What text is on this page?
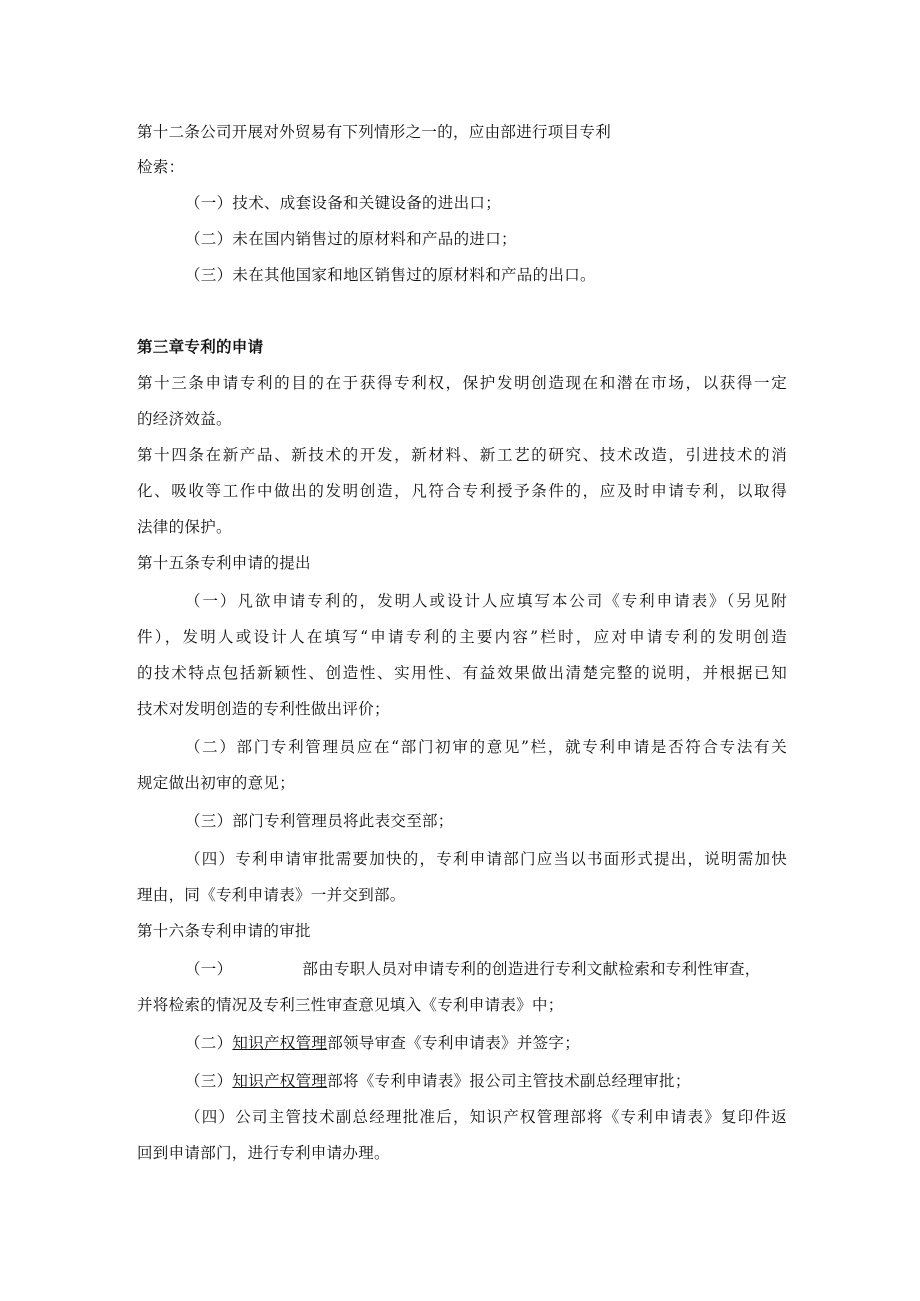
第十二条公司开展对外贸易有下列情形之一的，应由部进行项目专利
检索：
（一）技术、成套设备和关键设备的进出口；
（二）未在国内销售过的原材料和产品的进口；
（三）未在其他国家和地区销售过的原材料和产品的出口。
第三章专利的申请
第十三条申请专利的目的在于获得专利权，保护发明创造现在和潜在市场，以获得一定
的经济效益。
第十四条在新产品、新技术的开发，新材料、新工艺的研究、技术改造，引进技术的消
化、吸收等工作中做出的发明创造，凡符合专利授予条件的，应及时申请专利，以取得
法律的保护。
第十五条专利申请的提出
（一）凡欲申请专利的，发明人或设计人应填写本公司《专利申请表》（另见附
件），发明人或设计人在填写“申请专利的主要内容”栏时，应对申请专利的发明创造
的技术特点包括新颖性、创造性、实用性、有益效果做出清楚完整的说明，并根据已知
技术对发明创造的专利性做出评价；
（二）部门专利管理员应在“部门初审的意见”栏，就专利申请是否符合专法有关
规定做出初审的意见；
（三）部门专利管理员将此表交至部；
（四）专利申请审批需要加快的，专利申请部门应当以书面形式提出，说明需加快
理由，同《专利申请表》一并交到部。
第十六条专利申请的审批
（一）	部由专职人员对申请专利的创造进行专利文献检索和专利性审查，
并将检索的情况及专利三性审查意见填入《专利申请表》中；
（二）知识产权管理部领导审查《专利申请表》并签字；
（三）知识产权管理部将《专利申请表》报公司主管技术副总经理审批；
（四）公司主管技术副总经理批准后，知识产权管理部将《专利申请表》复印件返
回到申请部门，进行专利申请办理。
